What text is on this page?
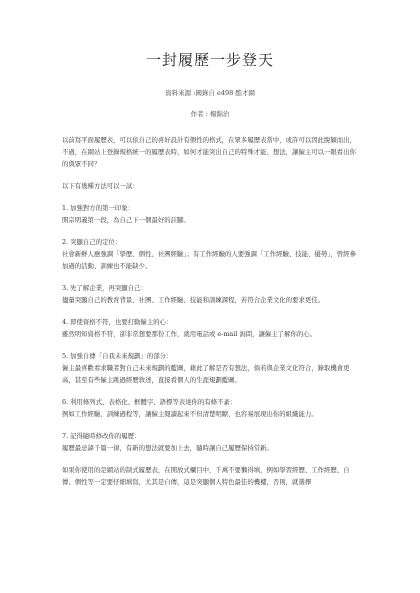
一封履歷一步登天
資料來源 :國錄自 e498 酷才網
作者 : 楊錦治

以前寫平面履歷表，可以依自己的喜好設計有個性的格式，在眾多履歷表當中，或許可以因此脫穎而出，不過，在網站上登錄規格統一的履歷表時，如何才能突出自己的特殊才能、想法，讓僱主可以一眼看出你的與眾不同？

以下有幾種方法可以一試：

1. 加強對方的第一印象：
開宗明義第一段，為自己下一個最好的註腳。
2. 突顯自己的定位：
社會新鮮人應強調「學歷、個性、社團經驗」；有工作經驗的人要強調「工作經驗、技能、優勢」，曾經參加過的活動、訓練也不能缺少。
3. 先了解企業，再突顯自己：
儘量突顯自己的教育背景、社團、工作經驗、技能和訓練課程，若符合企業文化的要求更佳。
4. 即使資格不符，也要打動僱主的心：
雖然明知資格不符，卻非常想要那份工作，就用電話或 e-mail 詢問，讓僱主了解你的心。
5. 加強自傳「自我未來規劃」的部分：
僱主最喜歡看求職者對自己未來規劃的藍圖，藉此了解是否有想法，倘若與企業文化符合，錄取機會更高，甚至有些僱主跳過經歷敘述，直接看個人的生涯規劃藍圖。
6. 利用條列式、表格化、框體字、語標等表達你的有條不紊：
例如工作經驗、訓練過程等，讓僱主閱讀起來不但清楚明瞭，也容易展現出你的組織能力。
7. 記得隨時修改你的履歷：
履歷最忌諱千篇一律，有新的想法就要加上去，隨時讓自己履歷保持常新。

如果你使用的是網站的制式履歷表，在開放式欄目中，千萬不要懶得填，例如學習經歷、工作經歷、自傳、個性等一定要仔細填寫，尤其是自傳，這是突顯個人特色最佳的機樓，否則，就選擇
